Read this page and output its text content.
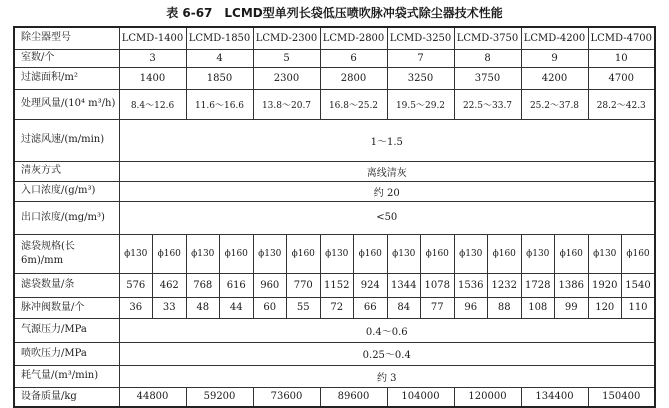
表 6-67　LCMD型单列长袋低压喷吹脉冲袋式除尘器技术性能
除尘器型号	LCMD-1400		LCMD-1850		LCMD-2300		LCMD-2800		LCMD-3250		LCMD-3750		LCMD-4200		LCMD-4700	
室数/个	3		4		5		6		7		8		9		10	
过滤面积/m²	1400		1850		2300		2800		3250		3750		4200		4700	
处理风量/(10⁴ m³/h)	8.4～12.6		11.6～16.6		13.8～20.7		16.8～25.2		19.5～29.2		22.5～33.7		25.2～37.8		28.2～42.3	
过滤风速/(m/min)	1～1.5															
清灰方式	离线清灰															
入口浓度/(g/m³)	约 20															
出口浓度/(mg/m³)	<50															
滤袋规格(长 6m)/mm	ϕ130	ϕ160	ϕ130	ϕ160	ϕ130	ϕ160	ϕ130	ϕ160	ϕ130	ϕ160	ϕ130	ϕ160	ϕ130	ϕ160	ϕ130	ϕ160
滤袋数量/条	576	462	768	616	960	770	1152	924	1344	1078	1536	1232	1728	1386	1920	1540
脉冲阀数量/个	36	33	48	44	60	55	72	66	84	77	96	88	108	99	120	110
气源压力/MPa	0.4～0.6															
喷吹压力/MPa	0.25～0.4															
耗气量/(m³/min)	约 3															
设备质量/kg	44800		59200		73600		89600		104000		120000		134400		150400	
